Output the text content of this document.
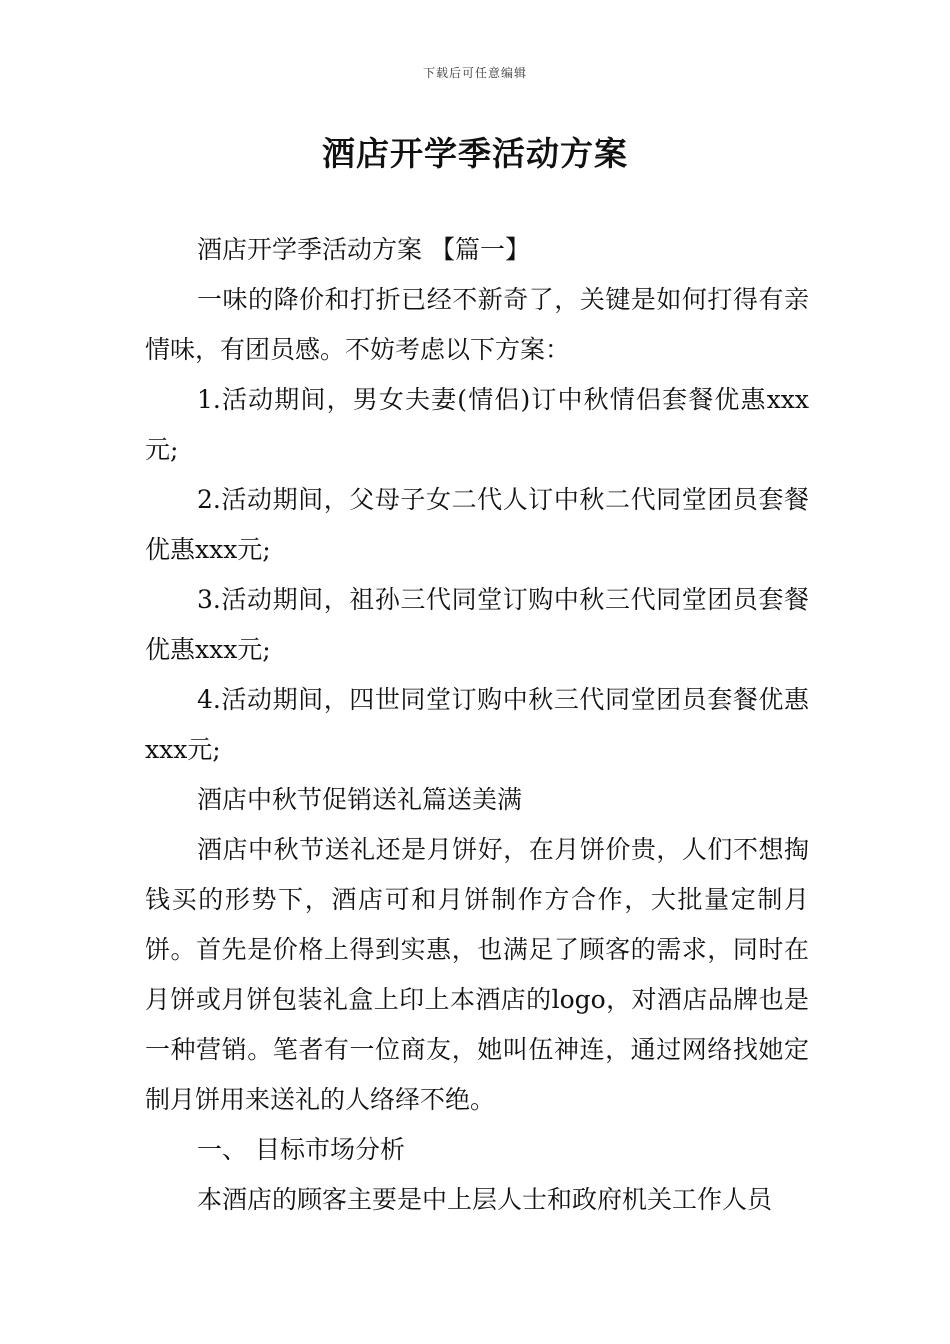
下载后可任意编辑
酒店开学季活动方案

酒店开学季活动方案 【篇一】

一味的降价和打折已经不新奇了，关键是如何打得有亲情味，有团员感。不妨考虑以下方案：

1.活动期间，男女夫妻(情侣)订中秋情侣套餐优惠xxx元;

2.活动期间，父母子女二代人订中秋二代同堂团员套餐优惠xxx元;

3.活动期间，祖孙三代同堂订购中秋三代同堂团员套餐优惠xxx元;

4.活动期间，四世同堂订购中秋三代同堂团员套餐优惠xxx元;

酒店中秋节促销送礼篇送美满

酒店中秋节送礼还是月饼好，在月饼价贵，人们不想掏钱买的形势下，酒店可和月饼制作方合作，大批量定制月饼。首先是价格上得到实惠，也满足了顾客的需求，同时在月饼或月饼包装礼盒上印上本酒店的logo，对酒店品牌也是一种营销。笔者有一位商友，她叫伍神连，通过网络找她定制月饼用来送礼的人络绎不绝。

一、 目标市场分析

本酒店的顾客主要是中上层人士和政府机关工作人员
